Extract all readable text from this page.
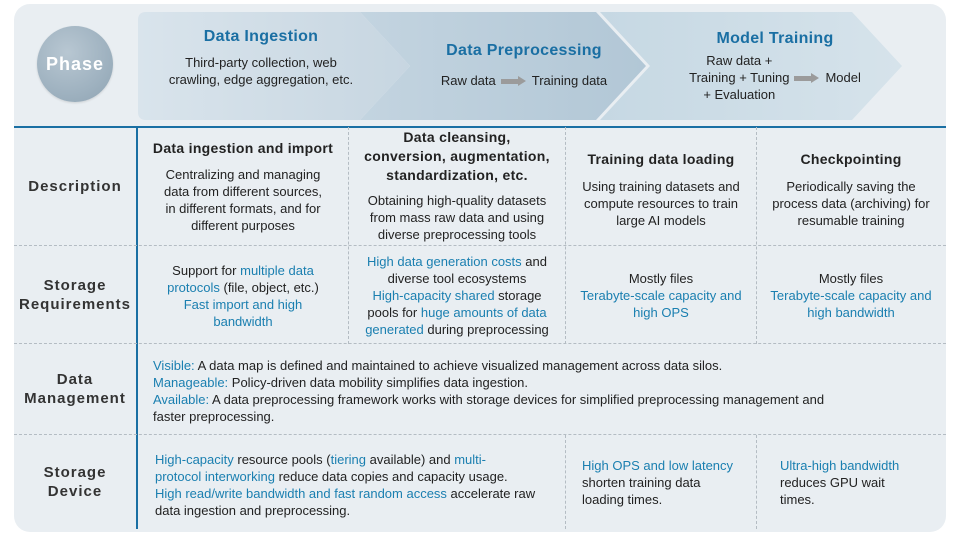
Phase
Data Ingestion
Third-party collection, web
crawling, edge aggregation, etc.
Data Preprocessing
Raw data	Training data
Model Training
Raw data +
Training + Tuning
+ Evaluation
Model
Description
Storage
Requirements
Data
Management
Storage
Device
Data ingestion and import
Centralizing and managing
data from different sources,
in different formats, and for
different purposes
Data cleansing,
conversion, augmentation,
standardization, etc.
Obtaining high-quality datasets
from mass raw data and using
diverse preprocessing tools
Training data loading
Using training datasets and
compute resources to train
large AI models
Checkpointing
Periodically saving the
process data (archiving) for
resumable training
Support for multiple data
protocols (file, object, etc.)
Fast import and high
bandwidth
High data generation costs and
diverse tool ecosystems
High-capacity shared storage
pools for huge amounts of data
generated during preprocessing
Mostly files
Terabyte-scale capacity and
high OPS
Mostly files
Terabyte-scale capacity and
high bandwidth
Visible: A data map is defined and maintained to achieve visualized management across data silos.
Manageable: Policy-driven data mobility simplifies data ingestion.
Available: A data preprocessing framework works with storage devices for simplified preprocessing management and
faster preprocessing.
High-capacity resource pools (tiering available) and multi-
protocol interworking reduce data copies and capacity usage.
High read/write bandwidth and fast random access accelerate raw
data ingestion and preprocessing.
High OPS and low latency
shorten training data
loading times.
Ultra-high bandwidth
reduces GPU wait
times.
